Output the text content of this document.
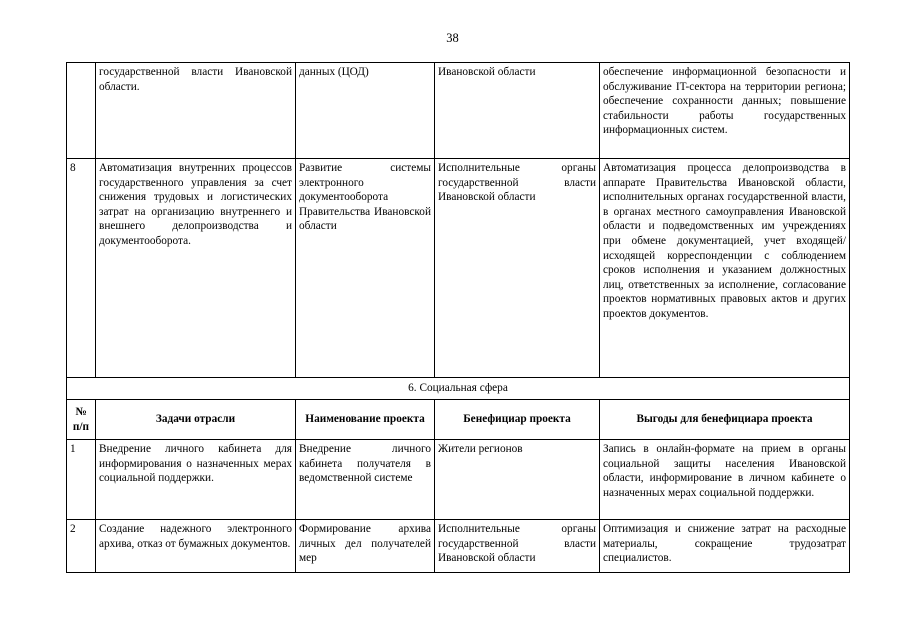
38
	государственной власти Ивановской области.	данных (ЦОД)	Ивановской области	обеспечение информационной безопасности и обслуживание IT-сектора на территории региона; обеспечение сохранности данных; повышение стабильности работы государственных информационных систем.
8	Автоматизация внутренних процессов государственного управления за счет снижения трудовых и логистических затрат на организацию внутреннего и внешнего делопроизводства и документооборота.	Развитие системы электронного документооборота Правительства Ивановской области	Исполнительные органы государственной власти Ивановской области	Автоматизация процесса делопроизводства в аппарате Правительства Ивановской области, исполнительных органах государственной власти, в органах местного самоуправления Ивановской области и подведомственных им учреждениях при обмене документацией, учет входящей/исходящей корреспонденции с соблюдением сроков исполнения и указанием должностных лиц, ответственных за исполнение, согласование проектов нормативных правовых актов и других проектов документов.
6. Социальная сфера				
№ п/п	Задачи отрасли	Наименование проекта	Бенефициар проекта	Выгоды для бенефициара проекта
1	Внедрение личного кабинета для информирования о назначенных мерах социальной поддержки.	Внедрение личного кабинета получателя в ведомственной системе	Жители регионов	Запись в онлайн-формате на прием в органы социальной защиты населения Ивановской области, информирование в личном кабинете о назначенных мерах социальной поддержки.
2	Создание надежного электронного архива, отказ от бумажных документов.	Формирование архива личных дел получателей мер	Исполнительные органы государственной власти Ивановской области	Оптимизация и снижение затрат на расходные материалы, сокращение трудозатрат специалистов.
